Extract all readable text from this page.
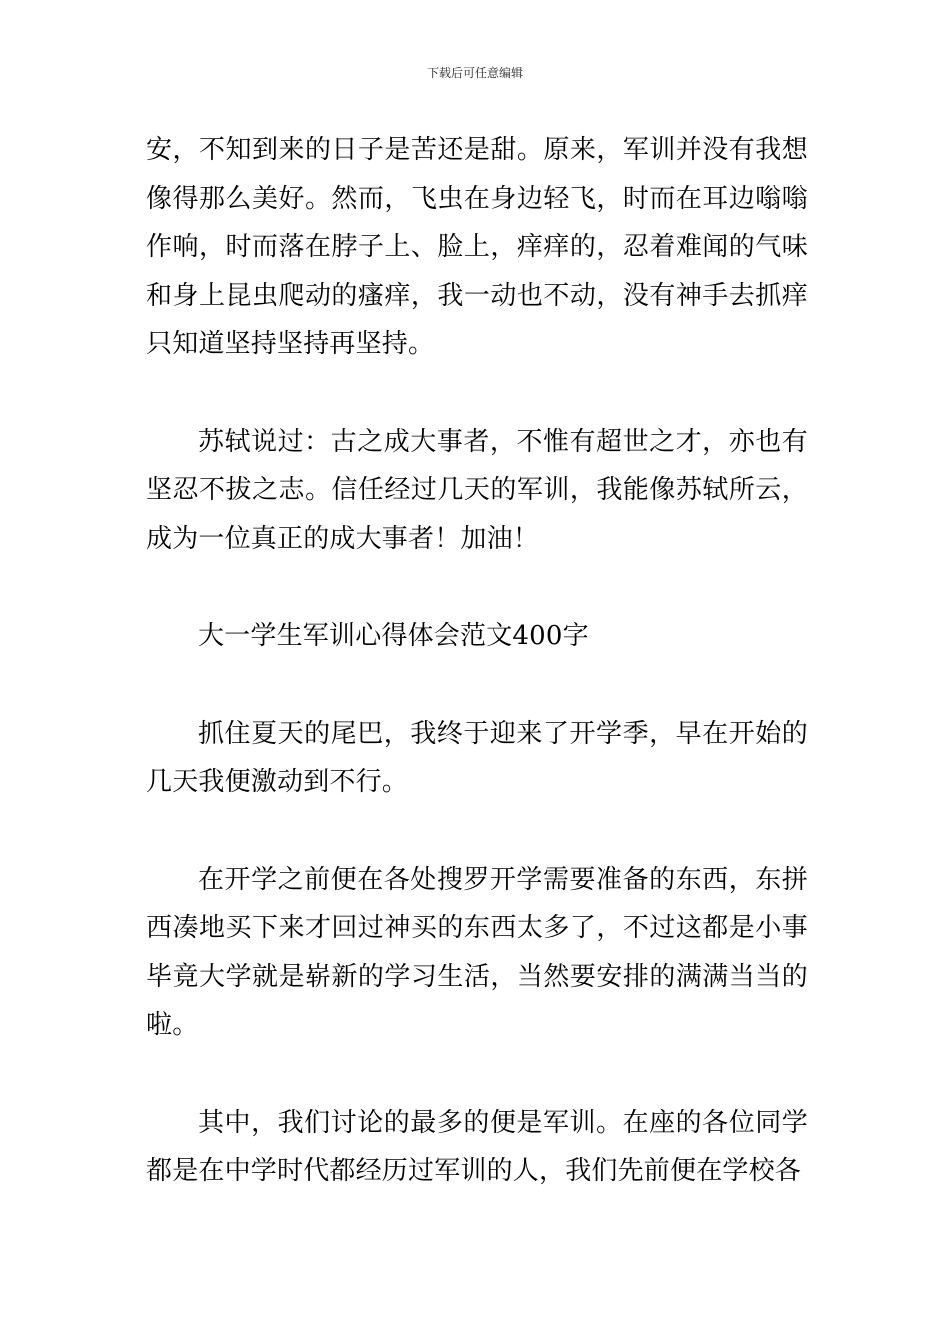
下载后可任意编辑

安，不知到来的日子是苦还是甜。原来，军训并没有我想像得那么美好。然而，飞虫在身边轻飞，时而在耳边嗡嗡作响，时而落在脖子上、脸上，痒痒的，忍着难闻的气味和身上昆虫爬动的瘙痒，我一动也不动，没有神手去抓痒只知道坚持坚持再坚持。

苏轼说过：古之成大事者，不惟有超世之才，亦也有坚忍不拔之志。信任经过几天的军训，我能像苏轼所云，成为一位真正的成大事者！加油！

大一学生军训心得体会范文400字

抓住夏天的尾巴，我终于迎来了开学季，早在开始的几天我便激动到不行。

在开学之前便在各处搜罗开学需要准备的东西，东拼西凑地买下来才回过神买的东西太多了，不过这都是小事毕竟大学就是崭新的学习生活，当然要安排的满满当当的啦。

其中，我们讨论的最多的便是军训。在座的各位同学都是在中学时代都经历过军训的人，我们先前便在学校各
